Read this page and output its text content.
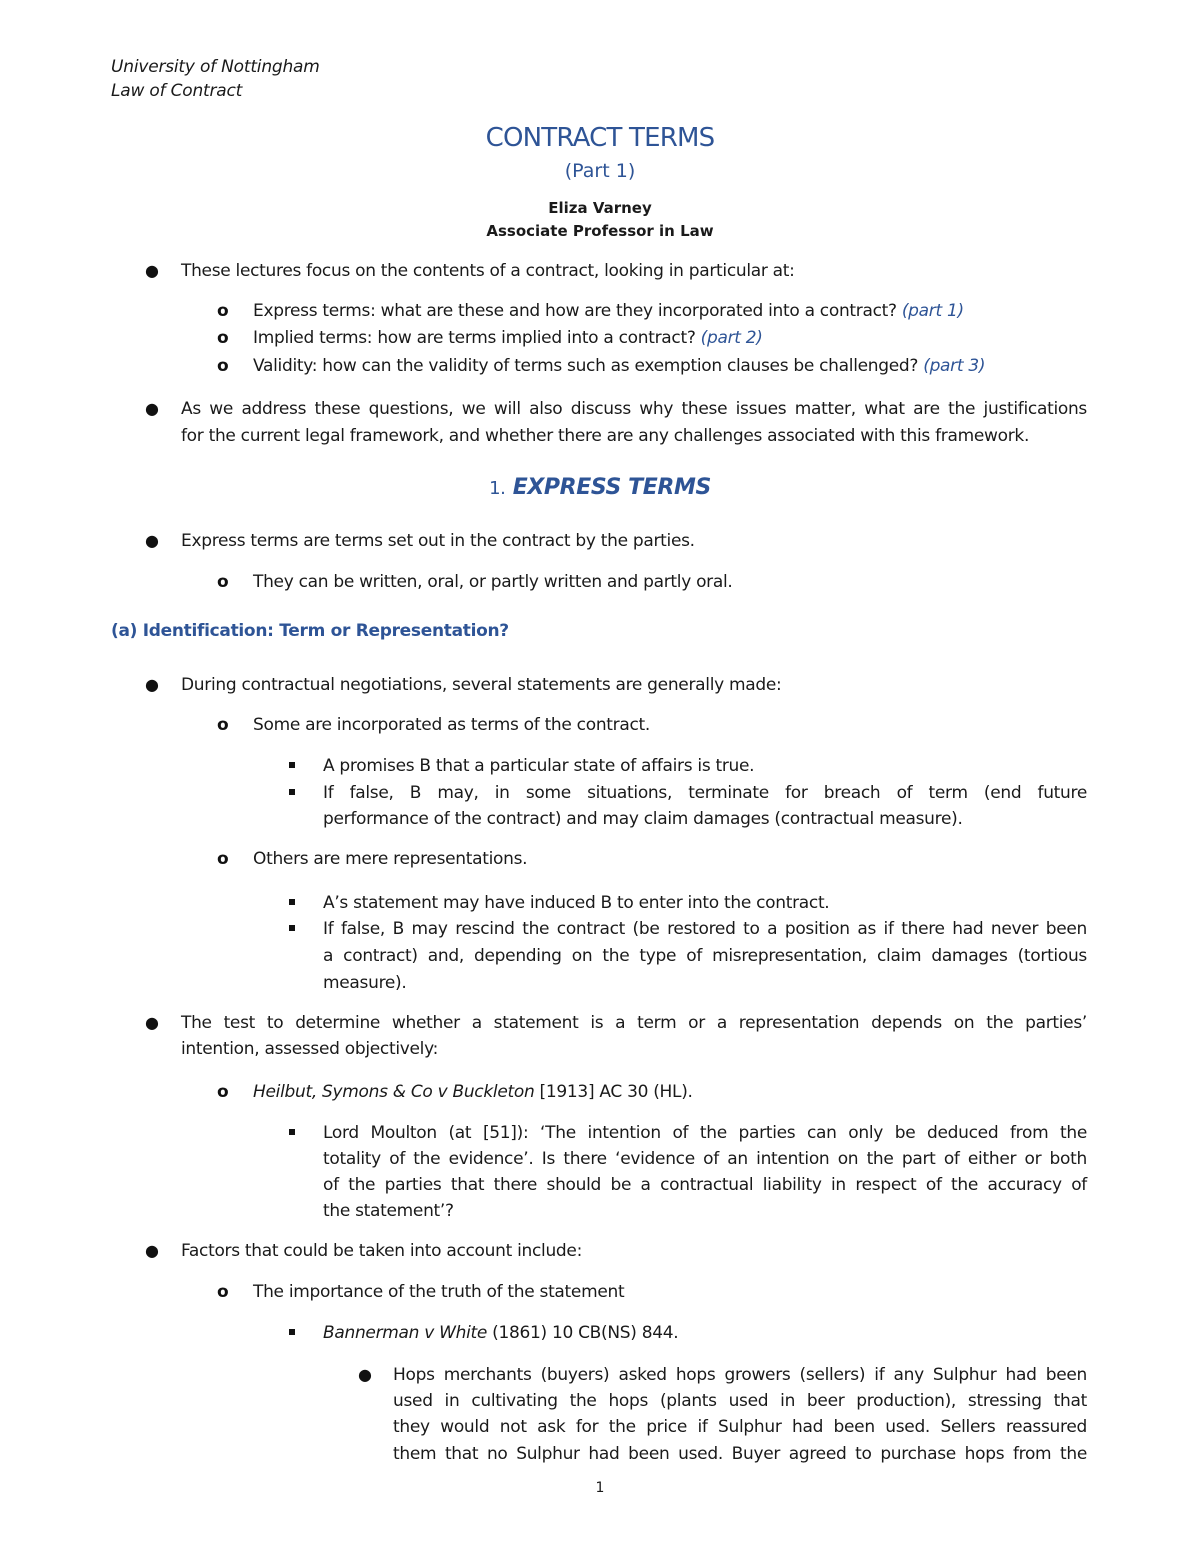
University of Nottingham
Law of Contract
CONTRACT TERMS
(Part 1)
Eliza Varney
Associate Professor in Law
● These lectures focus on the contents of a contract, looking in particular at:
o Express terms: what are these and how are they incorporated into a contract? (part 1)
o Implied terms: how are terms implied into a contract? (part 2)
o Validity: how can the validity of terms such as exemption clauses be challenged? (part 3)
● As we address these questions, we will also discuss why these issues matter, what are the justifications
for the current legal framework, and whether there are any challenges associated with this framework.
1. EXPRESS TERMS
● Express terms are terms set out in the contract by the parties.
o They can be written, oral, or partly written and partly oral.
(a) Identification: Term or Representation?
● During contractual negotiations, several statements are generally made:
o Some are incorporated as terms of the contract.
A promises B that a particular state of affairs is true.
If false, B may, in some situations, terminate for breach of term (end future
performance of the contract) and may claim damages (contractual measure).
o Others are mere representations.
A’s statement may have induced B to enter into the contract.
If false, B may rescind the contract (be restored to a position as if there had never been
a contract) and, depending on the type of misrepresentation, claim damages (tortious
measure).
● The test to determine whether a statement is a term or a representation depends on the parties’
intention, assessed objectively:
o Heilbut, Symons & Co v Buckleton [1913] AC 30 (HL).
Lord Moulton (at [51]): ‘The intention of the parties can only be deduced from the
totality of the evidence’. Is there ‘evidence of an intention on the part of either or both
of the parties that there should be a contractual liability in respect of the accuracy of
the statement’?
● Factors that could be taken into account include:
o The importance of the truth of the statement
Bannerman v White (1861) 10 CB(NS) 844.
● Hops merchants (buyers) asked hops growers (sellers) if any Sulphur had been
used in cultivating the hops (plants used in beer production), stressing that
they would not ask for the price if Sulphur had been used. Sellers reassured
them that no Sulphur had been used. Buyer agreed to purchase hops from the
1
